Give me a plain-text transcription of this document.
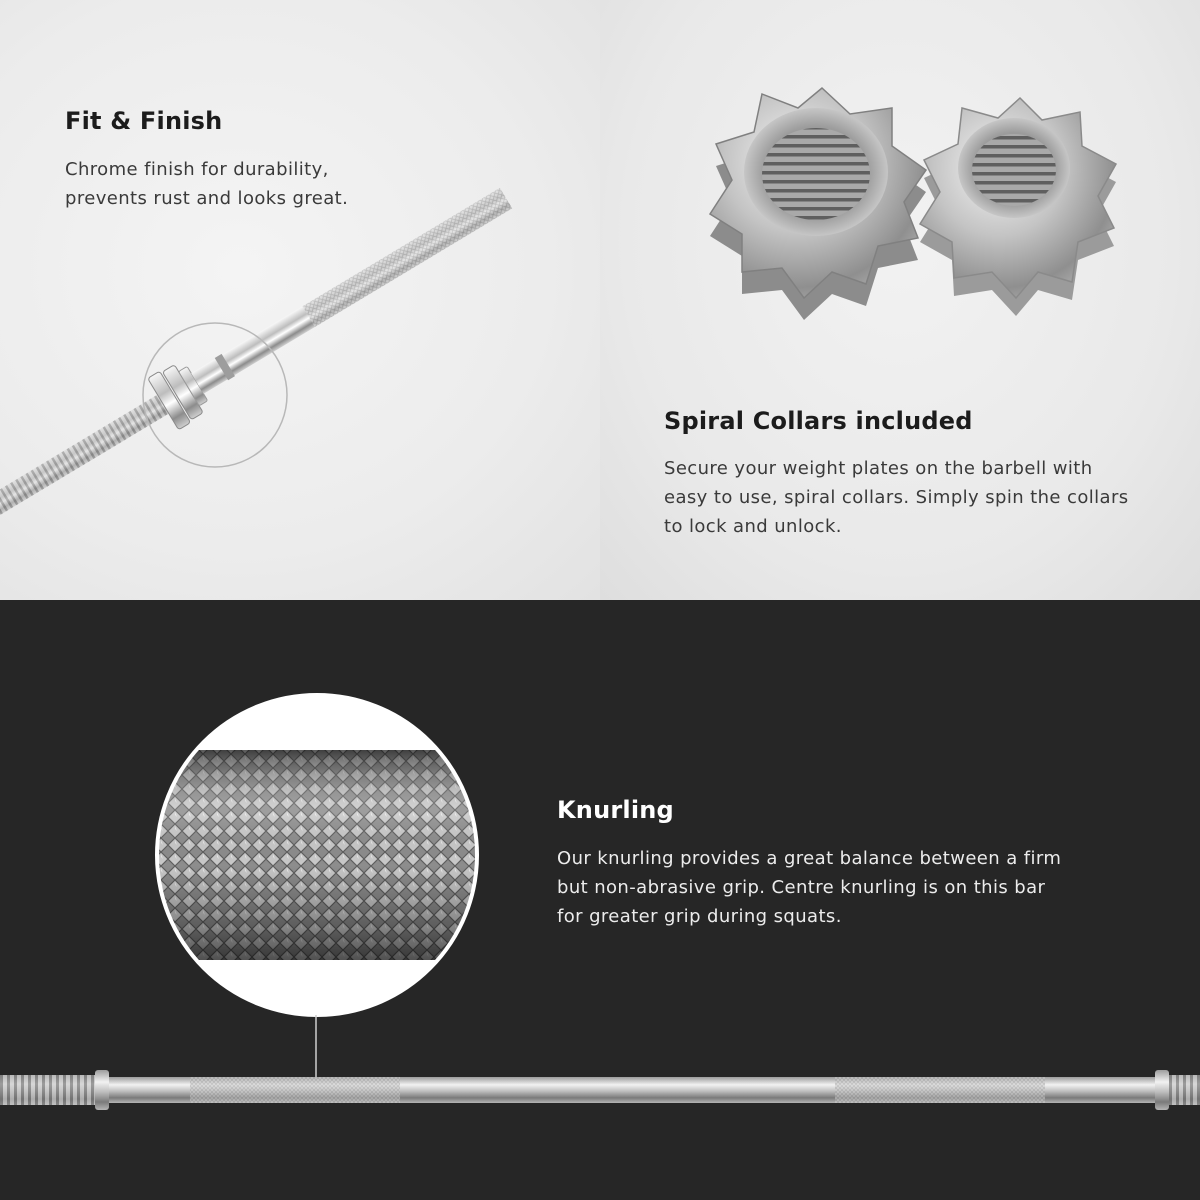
Fit & Finish

Chrome finish for durability,
prevents rust and looks great.

Spiral Collars included

Secure your weight plates on the barbell with
easy to use, spiral collars. Simply spin the collars
to lock and unlock.

Knurling

Our knurling provides a great balance between a firm
but non-abrasive grip. Centre knurling is on this bar
for greater grip during squats.
